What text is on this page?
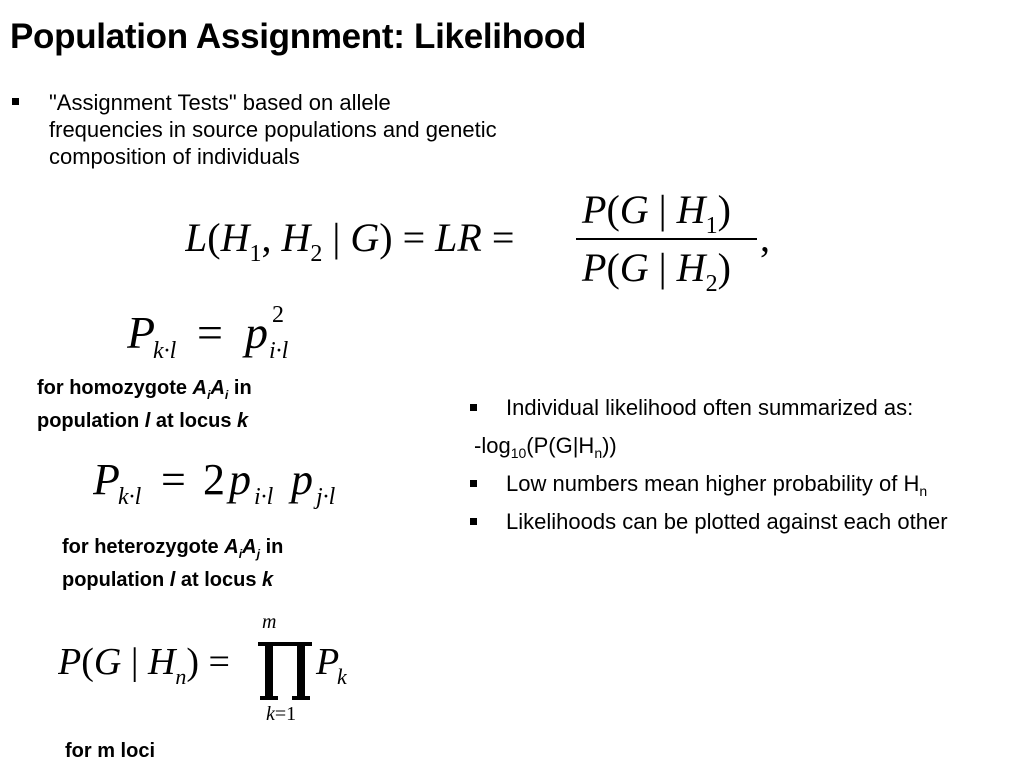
Population Assignment: Likelihood
"Assignment Tests" based on allele frequencies in source populations and genetic composition of individuals
$L(H_1$, $H_2$ | G) = LR =
P(G | $H_1$)
P(G | $H_2$)
,
P
k·l = p 2
i·l
for homozygote $A_iA_i$ in
population l at locus k
P
k·l = 2 p i·l p j·l
for heterozygote $A_iA_j$ in
population l at locus k
P(G | $H_n$) =
m
P
k
k=1
for m loci
Individual likelihood often summarized as:
$-\log_{10}(P(G|H_n))$
Low numbers mean higher probability of $H_n$
Likelihoods can be plotted against each other
